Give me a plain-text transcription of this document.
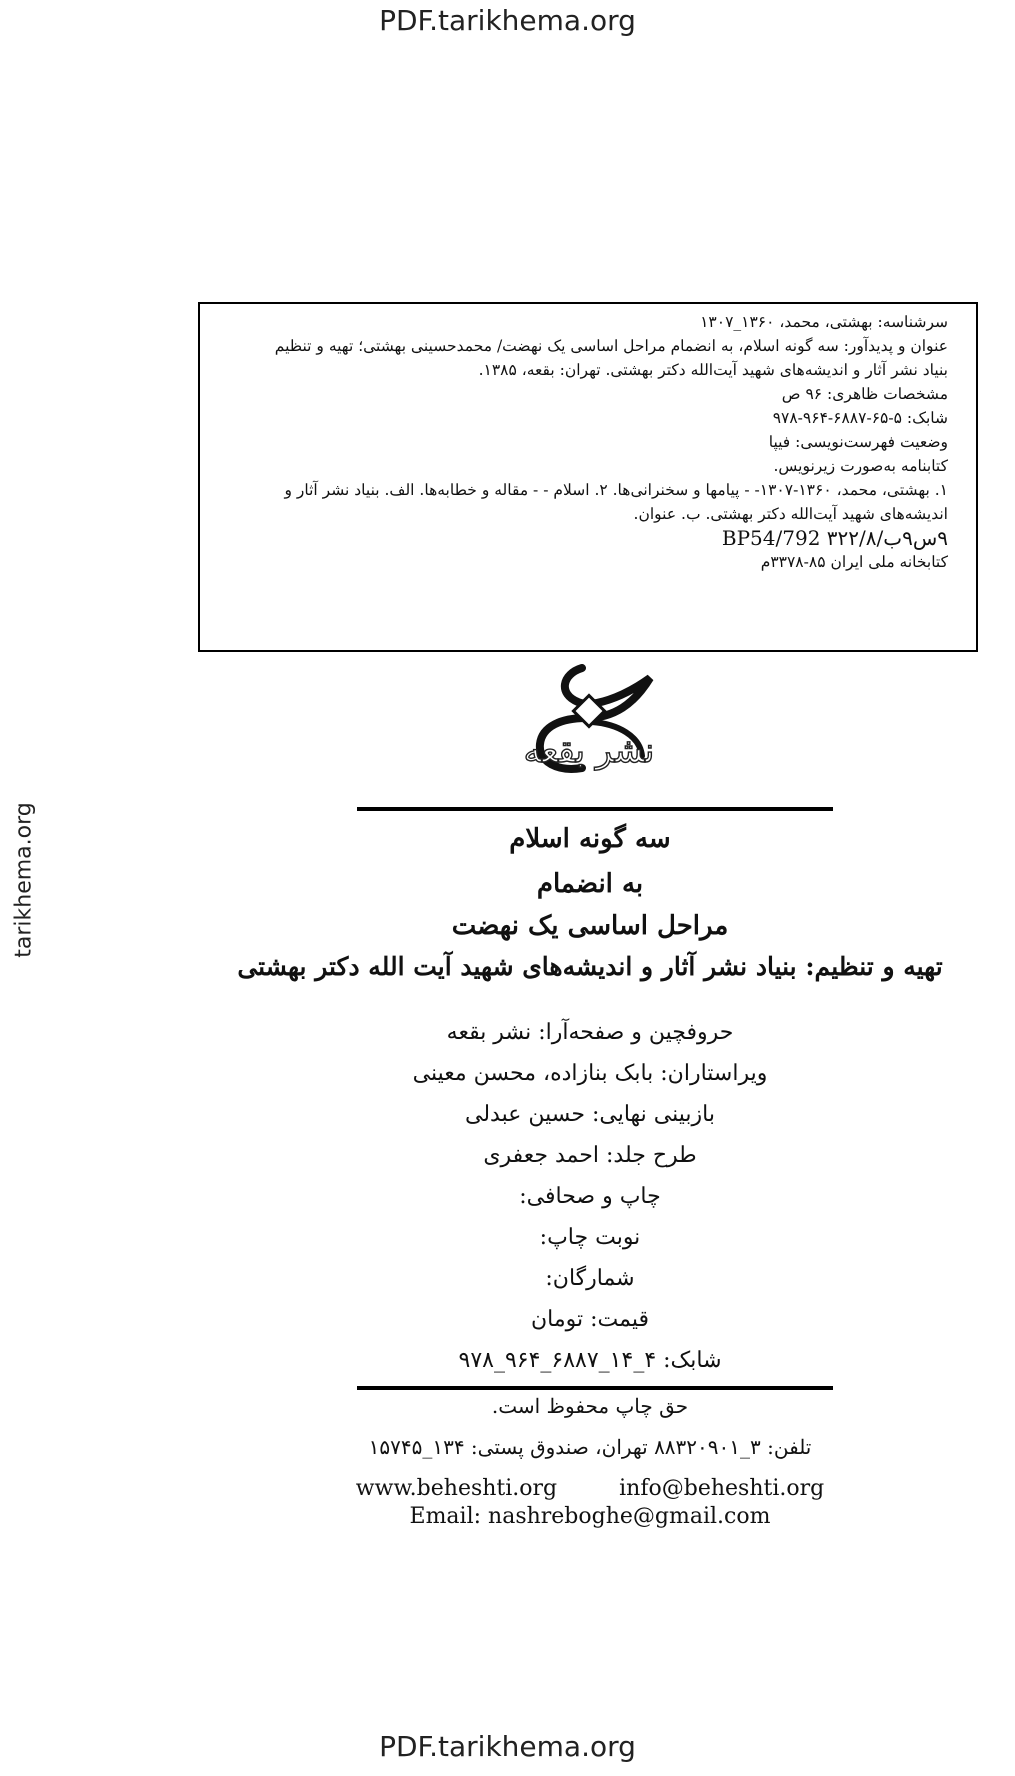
PDF.tarikhema.org
tarikhema.org
سرشناسه: بهشتی، محمد، ۱۳۶۰_۱۳۰۷
عنوان و پدیدآور: سه گونه اسلام، به انضمام مراحل اساسی یک نهضت/ محمدحسینی بهشتی؛ تهیه و تنظیم
بنیاد نشر آثار و اندیشه‌های شهید آیت‌الله دکتر بهشتی. تهران: بقعه، ۱۳۸۵.
مشخصات ظاهری: ۹۶ ص
شابک: ۵-۶۵-۶۸۸۷-۹۶۴-۹۷۸
وضعیت فهرست‌نویسی: فیپا
کتابنامه به‌صورت زیرنویس.
۱. بهشتی، محمد، ۱۳۶۰-۱۳۰۷- - پیامها و سخنرانی‌ها. ۲. اسلام - - مقاله و خطابه‌ها. الف. بنیاد نشر آثار و
اندیشه‌های شهید آیت‌الله دکتر بهشتی. ب. عنوان.
۹س۹ب/۳۲۲/۸ BP54/792
کتابخانه ملی ایران ۸۵-۳۳۷۸م
نشر بقعه
سه گونه اسلام
به انضمام
مراحل اساسی یک نهضت
تهیه و تنظیم: بنیاد نشر آثار و اندیشه‌های شهید آیت الله دکتر بهشتی
حروفچین و صفحه‌آرا: نشر بقعه
ویراستاران: بابک بنازاده، محسن معینی
بازبینی نهایی: حسین عبدلی
طرح جلد: احمد جعفری
چاپ و صحافی:
نوبت چاپ:
شمارگان:
قیمت: تومان
شابک: ۴_۱۴_۶۸۸۷_۹۶۴_۹۷۸
حق چاپ محفوظ است.
تلفن: ۳_۸۸۳۲۰۹۰۱ تهران، صندوق پستی: ۱۳۴_۱۵۷۴۵
www.beheshti.org	info@beheshti.org
Email: nashreboghe@gmail.com
PDF.tarikhema.org
